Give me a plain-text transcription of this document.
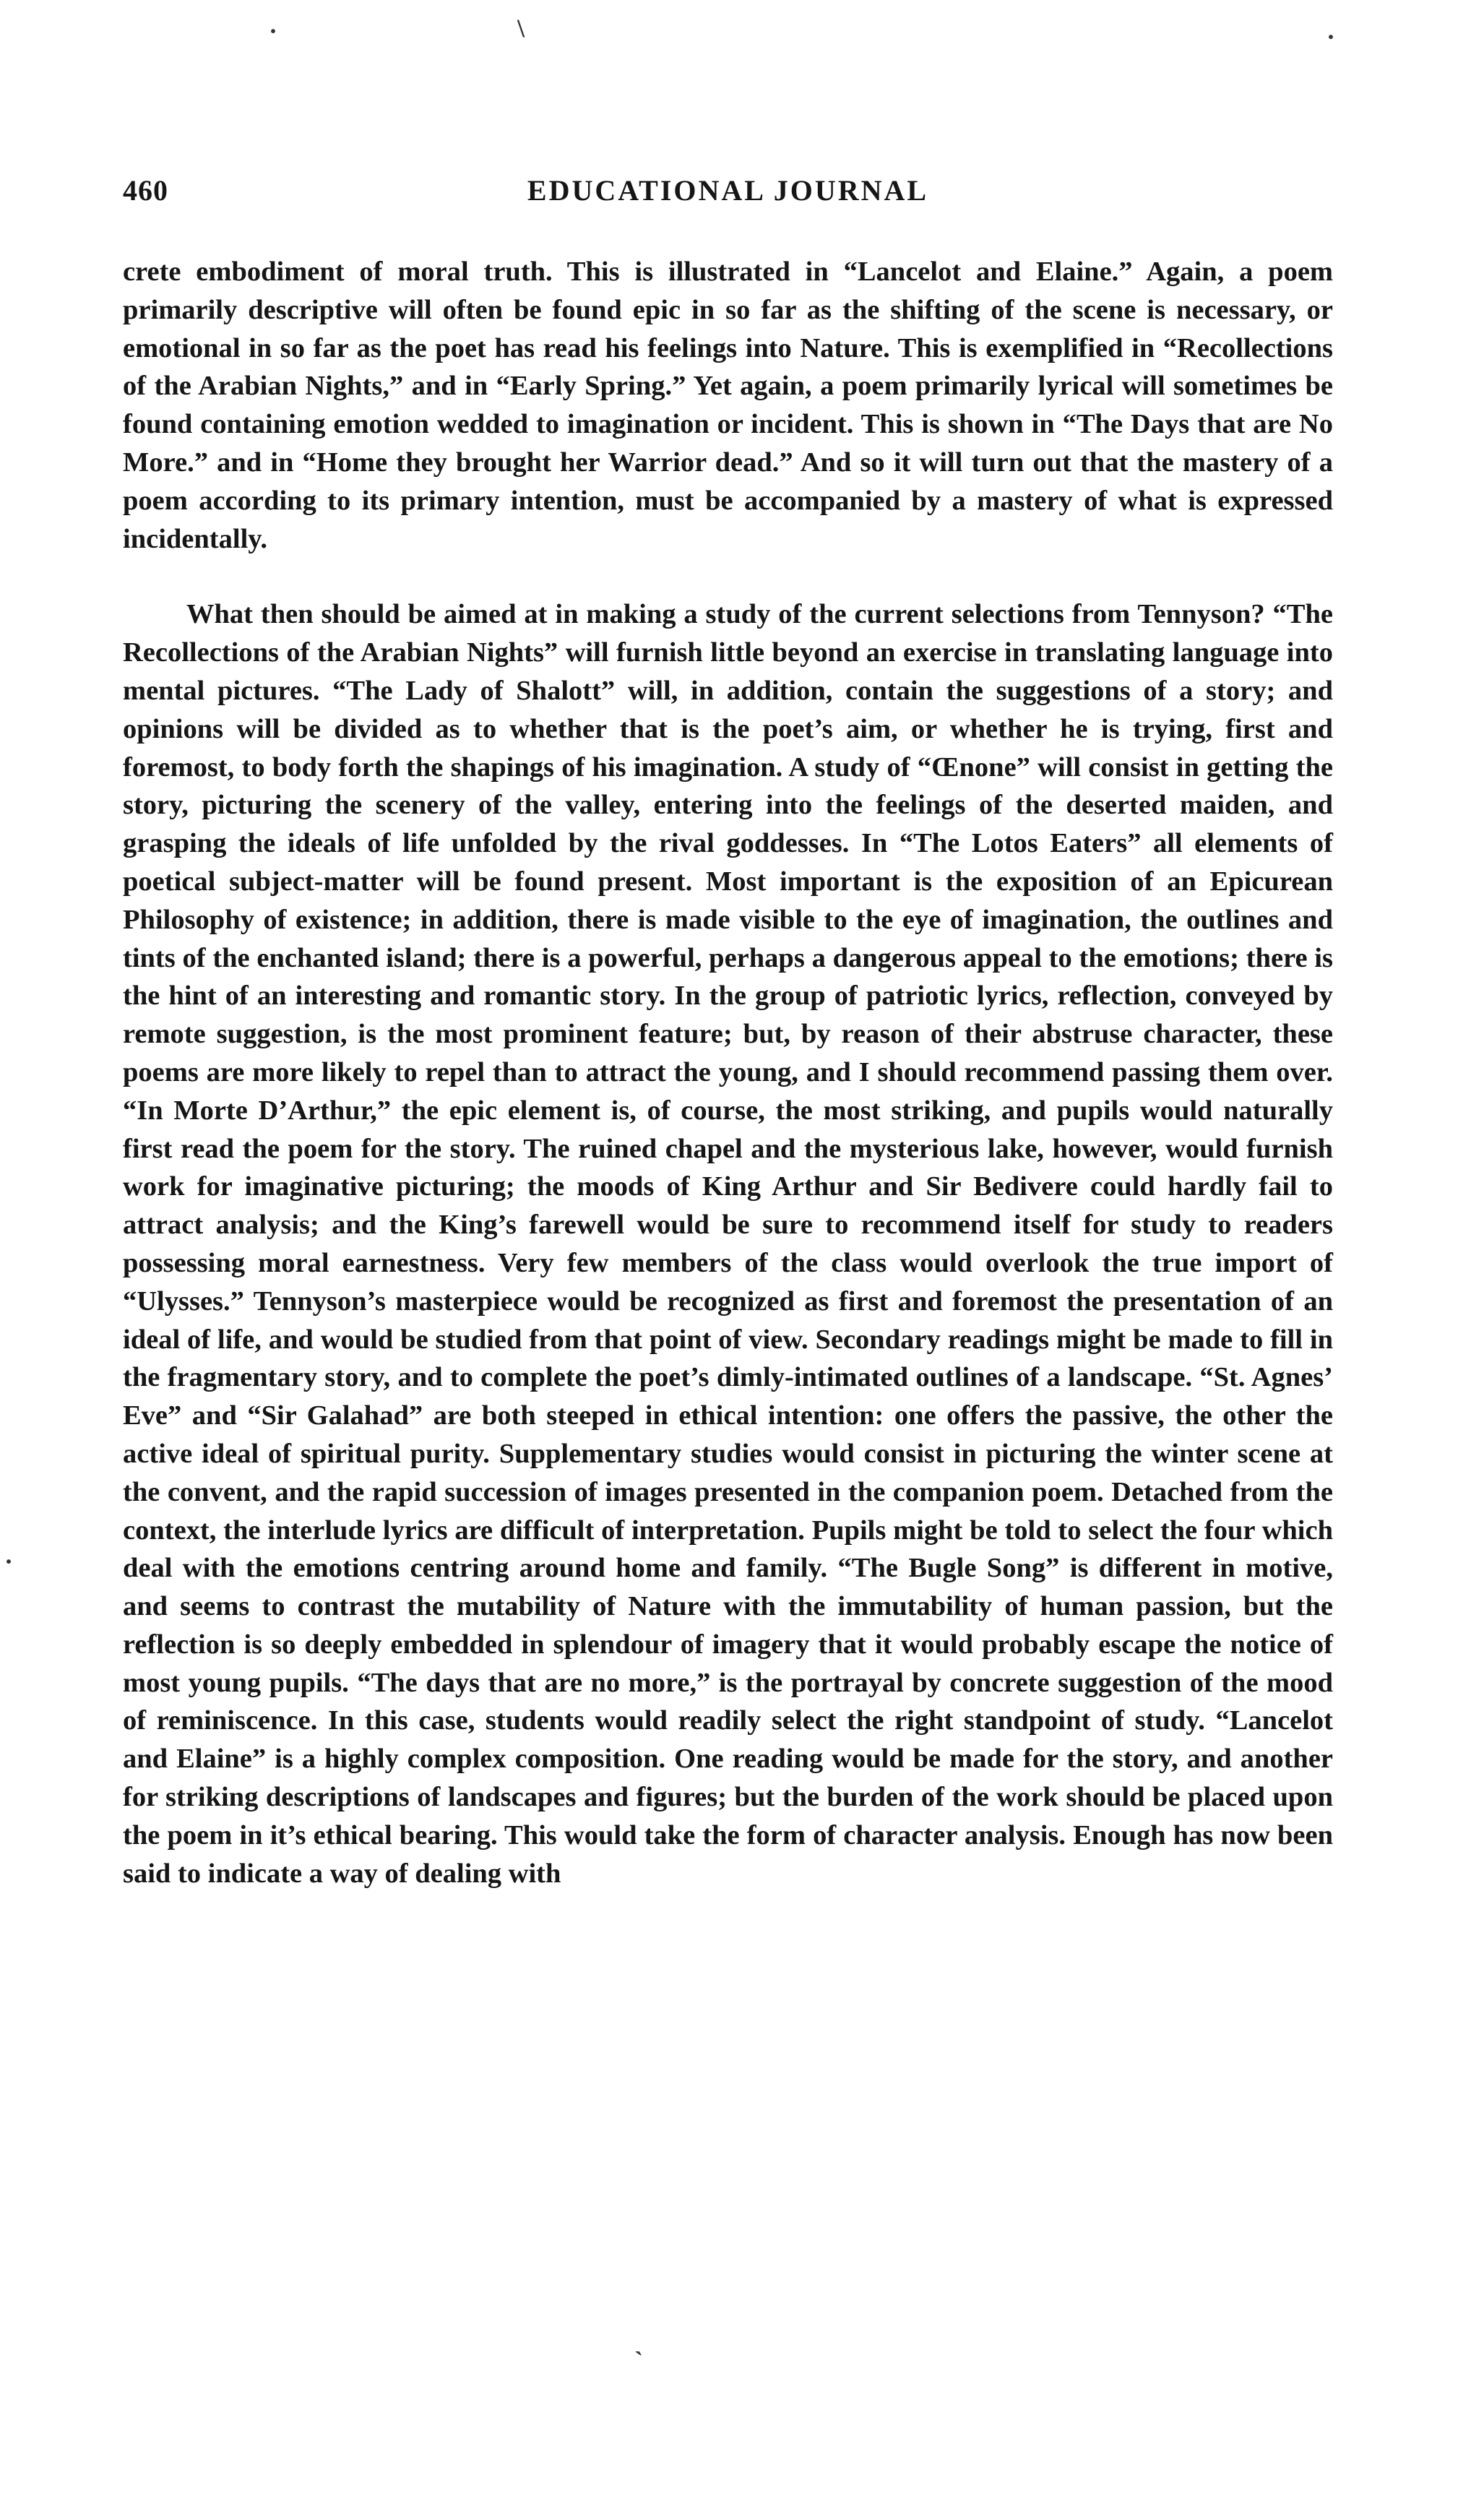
460	EDUCATIONAL JOURNAL

crete embodiment of moral truth. This is illustrated in “Lancelot and Elaine.” Again, a poem primarily descriptive will often be found epic in so far as the shifting of the scene is necessary, or emotional in so far as the poet has read his feelings into Nature. This is exemplified in “Recollections of the Arabian Nights,” and in “Early Spring.” Yet again, a poem primarily lyrical will sometimes be found containing emotion wedded to imagination or incident. This is shown in “The Days that are No More.” and in “Home they brought her Warrior dead.” And so it will turn out that the mastery of a poem according to its primary intention, must be accompanied by a mastery of what is expressed incidentally.

What then should be aimed at in making a study of the current selections from Tennyson? “The Recollections of the Arabian Nights” will furnish little beyond an exercise in translating language into mental pictures. “The Lady of Shalott” will, in addition, contain the suggestions of a story; and opinions will be divided as to whether that is the poet’s aim, or whether he is trying, first and foremost, to body forth the shapings of his imagination. A study of “Œnone” will consist in getting the story, picturing the scenery of the valley, entering into the feelings of the deserted maiden, and grasping the ideals of life unfolded by the rival goddesses. In “The Lotos Eaters” all elements of poetical subject-matter will be found present. Most important is the exposition of an Epicurean Philosophy of existence; in addition, there is made visible to the eye of imagination, the outlines and tints of the enchanted island; there is a powerful, perhaps a dangerous appeal to the emotions; there is the hint of an interesting and romantic story. In the group of patriotic lyrics, reflection, conveyed by remote suggestion, is the most prominent feature; but, by reason of their abstruse character, these poems are more likely to repel than to attract the young, and I should recommend passing them over. “In Morte D’Arthur,” the epic element is, of course, the most striking, and pupils would naturally first read the poem for the story. The ruined chapel and the mysterious lake, however, would furnish work for imaginative picturing; the moods of King Arthur and Sir Bedivere could hardly fail to attract analysis; and the King’s farewell would be sure to recommend itself for study to readers possessing moral earnestness. Very few members of the class would overlook the true import of “Ulysses.” Tennyson’s masterpiece would be recognized as first and foremost the presentation of an ideal of life, and would be studied from that point of view. Secondary readings might be made to fill in the fragmentary story, and to complete the poet’s dimly-intimated outlines of a landscape. “St. Agnes’ Eve” and “Sir Galahad” are both steeped in ethical intention: one offers the passive, the other the active ideal of spiritual purity. Supplementary studies would consist in picturing the winter scene at the convent, and the rapid succession of images presented in the companion poem. Detached from the context, the interlude lyrics are difficult of interpretation. Pupils might be told to select the four which deal with the emotions centring around home and family. “The Bugle Song” is different in motive, and seems to contrast the mutability of Nature with the immutability of human passion, but the reflection is so deeply embedded in splendour of imagery that it would probably escape the notice of most young pupils. “The days that are no more,” is the portrayal by concrete suggestion of the mood of reminiscence. In this case, students would readily select the right standpoint of study. “Lancelot and Elaine” is a highly complex composition. One reading would be made for the story, and another for striking descriptions of landscapes and figures; but the burden of the work should be placed upon the poem in it’s ethical bearing. This would take the form of character analysis. Enough has now been said to indicate a way of dealing with

·	\	·
·
˴
